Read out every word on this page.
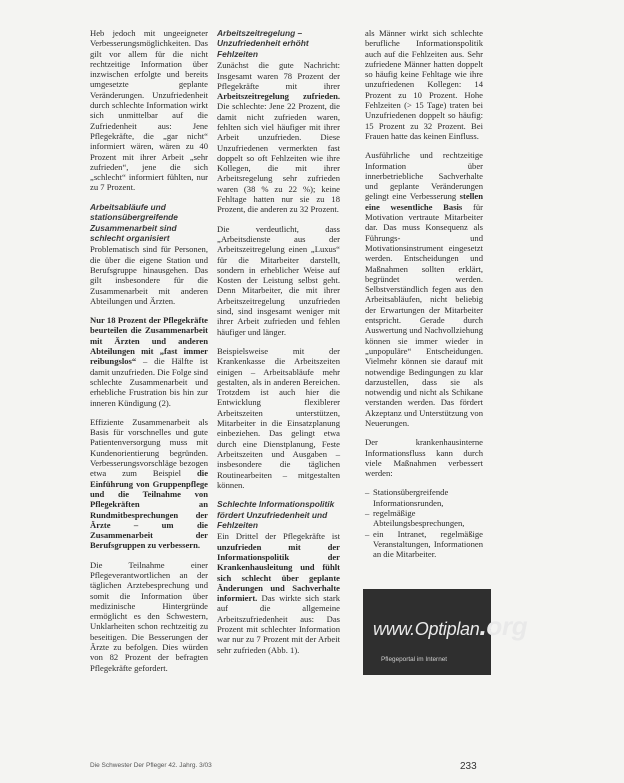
Heb jedoch mit ungeeigneter Verbesserungsmöglichkeiten. Das gilt vor allem für die nicht rechtzeitige Information über inzwischen erfolgte und bereits umgesetzte geplante Veränderungen. Unzufriedenheit durch schlechte Information wirkt sich unmittelbar auf die Zufriedenheit aus: Jene Pflegekräfte, die „gar nicht“ informiert wären, wären zu 40 Prozent mit ihrer Arbeit „sehr zufrieden“, jene die sich „schlecht“ informiert fühlten, nur zu 7 Prozent.

Arbeitsabläufe und stationsübergreifende Zusammenarbeit sind schlecht organisiert

Problematisch sind für Personen, die über die eigene Station und Berufsgruppe hinausgehen. Das gilt insbesondere für die Zusammenarbeit mit anderen Abteilungen und Ärzten.

Nur 18 Prozent der Pflegekräfte beurteilen die Zusammenarbeit mit Ärzten und anderen Abteilungen mit „fast immer reibungslos“ – die Hälfte ist damit unzufrieden. Die Folge sind schlechte Zusammenarbeit und erhebliche Frustration bis hin zur inneren Kündigung (2).

Effiziente Zusammenarbeit als Basis für vorschnelles und gute Patientenversorgung muss mit Kundenorientierung begründen. Verbesserungsvorschläge bezogen etwa zum Beispiel die Einführung von Gruppenpflege und die Teilnahme von Pflegekräften an Rundmitbesprechungen der Ärzte – um die Zusammenarbeit der Berufsgruppen zu verbessern.

Die Teilnahme einer Pflegeverantwortlichen an der täglichen Arztebesprechung und somit die Information über medizinische Hintergründe ermöglicht es den Schwestern, Unklarheiten schon rechtzeitig zu beseitigen. Die Besserungen der Ärzte zu befolgen. Dies würden von 82 Prozent der befragten Pflegekräfte gefordert.

Arbeitszeitregelung – Unzufriedenheit erhöht Fehlzeiten

Zunächst die gute Nachricht: Insgesamt waren 78 Prozent der Pflegekräfte mit ihrer Arbeitszeitregelung zufrieden. Die schlechte: Jene 22 Prozent, die damit nicht zufrieden waren, fehlten sich viel häufiger mit ihrer Arbeit unzufrieden. Diese Unzufriedenen vermerkten fast doppelt so oft Fehlzeiten wie ihre Kollegen, die mit ihrer Arbeitsregelung sehr zufrieden waren (38 % zu 22 %); keine Fehltage hatten nur sie zu 18 Prozent, die anderen zu 32 Prozent.

Die verdeutlicht, dass „Arbeitsdienste aus der Arbeitszeitregelung einen „Luxus“ für die Mitarbeiter darstellt, sondern in erheblicher Weise auf Kosten der Leistung selbst geht. Denn Mitarbeiter, die mit ihrer Arbeitszeitregelung unzufrieden sind, sind insgesamt weniger mit ihrer Arbeit zufrieden und fehlen häufiger und länger.

Beispielsweise mit der Krankenkasse die Arbeitszeiten einigen – Arbeitsabläufe mehr gestalten, als in anderen Bereichen. Trotzdem ist auch hier die Entwicklung flexiblerer Arbeitszeiten unterstützen, Mitarbeiter in die Einsatzplanung einbeziehen. Das gelingt etwa durch eine Dienstplanung, Feste Arbeitszeiten und Ausgaben – insbesondere die täglichen Routinearbeiten – mitgestalten können.

Schlechte Informationspolitik fördert Unzufriedenheit und Fehlzeiten

Ein Drittel der Pflegekräfte ist unzufrieden mit der Informationspolitik der Krankenhausleitung und fühlt sich schlecht über geplante Änderungen und Sachverhalte informiert. Das wirkte sich stark auf die allgemeine Arbeitszufriedenheit aus: Das Prozent mit schlechter Information war nur zu 7 Prozent mit der Arbeit sehr zufrieden (Abb. 1).

als Männer wirkt sich schlechte berufliche Informationspolitik auch auf die Fehlzeiten aus. Sehr zufriedene Männer hatten doppelt so häufig keine Fehltage wie ihre unzufriedenen Kollegen: 14 Prozent zu 10 Prozent. Hohe Fehlzeiten (> 15 Tage) traten bei Unzufriedenen doppelt so häufig: 15 Prozent zu 32 Prozent. Bei Frauen hatte das keinen Einfluss.

Ausführliche und rechtzeitige Information über innerbetriebliche Sachverhalte und geplante Veränderungen gelingt eine Verbesserung stellen eine wesentliche Basis für Motivation vertraute Mitarbeiter dar. Das muss Konsequenz als Führungs- und Motivationsinstrument eingesetzt werden. Entscheidungen und Maßnahmen sollten erklärt, begründet werden. Selbstverständlich fegen aus den Arbeitsabläufen, nicht beliebig der Erwartungen der Mitarbeiter entspricht. Gerade durch Auswertung und Nachvollziehung können sie immer wieder in „unpopuläre“ Entscheidungen. Vielmehr können sie darauf mit notwendige Bedingungen zu klar darzustellen, dass sie als notwendig und nicht als Schikane verstanden werden. Das fördert Akzeptanz und Unterstützung von Neuerungen.

Der krankenhausinterne Informationsfluss kann durch viele Maßnahmen verbessert werden:

– Stationsübergreifende Informationsrunden,
– regelmäßige Abteilungsbesprechungen,
– ein Intranet, regelmäßige Veranstaltungen, Informationen an die Mitarbeiter.
www.Optiplan.org
Pflegeportal im Internet
Die Schwester Der Pfleger 42. Jahrg. 3/03	233
